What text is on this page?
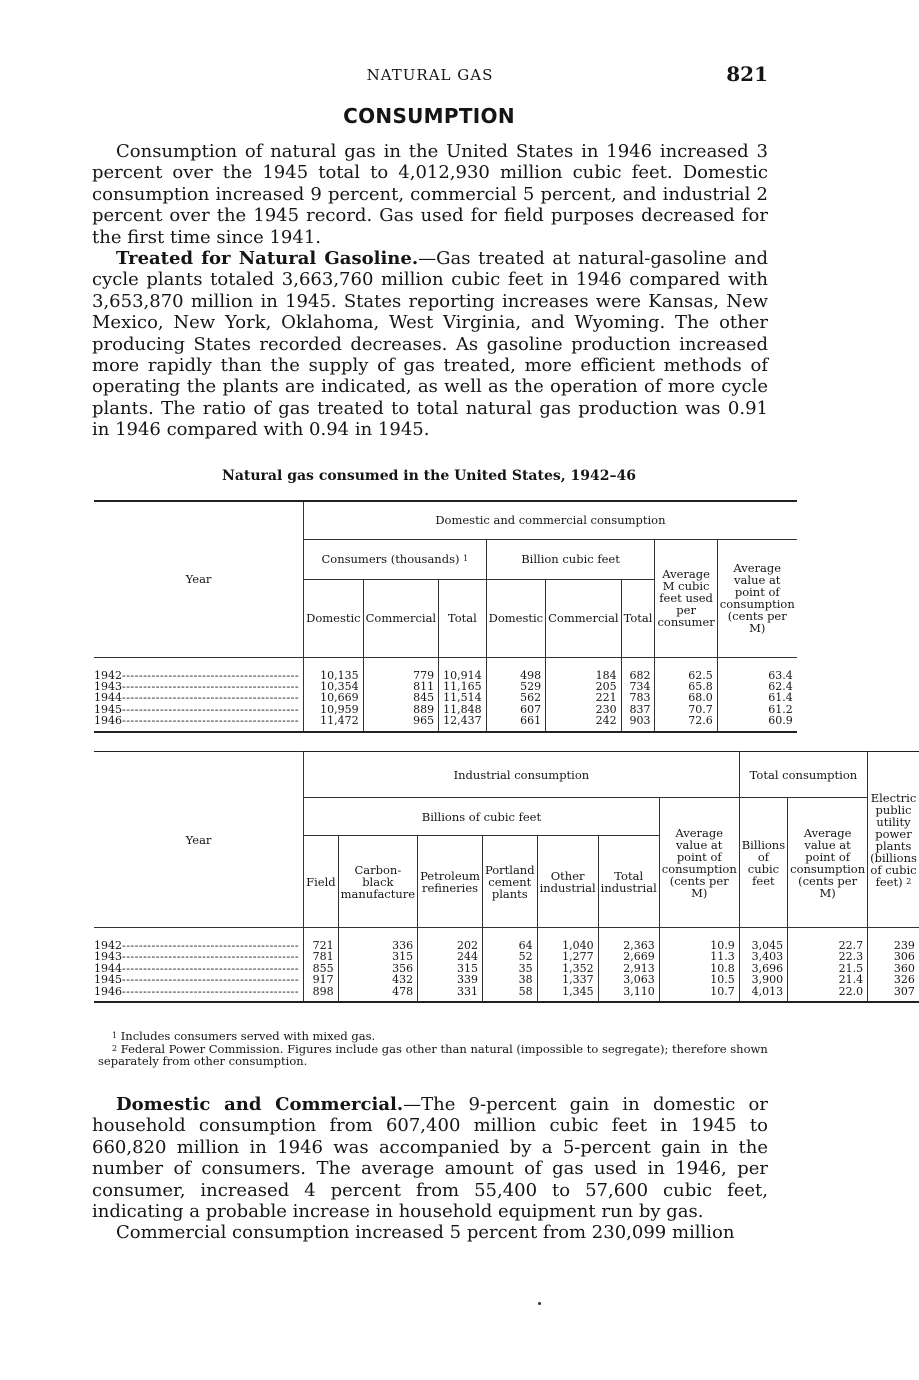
NATURAL GAS	821
CONSUMPTION

Consumption of natural gas in the United States in 1946 increased 3 percent over the 1945 total to 4,012,930 million cubic feet. Domestic consumption increased 9 percent, commercial 5 percent, and industrial 2 percent over the 1945 record. Gas used for field purposes decreased for the first time since 1941.

Treated for Natural Gasoline.—Gas treated at natural-gasoline and cycle plants totaled 3,663,760 million cubic feet in 1946 compared with 3,653,870 million in 1945. States reporting increases were Kansas, New Mexico, New York, Oklahoma, West Virginia, and Wyoming. The other producing States recorded decreases. As gasoline production increased more rapidly than the supply of gas treated, more efficient methods of operating the plants are indicated, as well as the operation of more cycle plants. The ratio of gas treated to total natural gas production was 0.91 in 1946 compared with 0.94 in 1945.

Natural gas consumed in the United States, 1942–46
Year	Domestic and commercial consumption							
	Consumers (thousands) $^1$			Billion cubic feet			Average M cubic feet used per consumer	Average value at point of consumption (cents per M)
	Domestic	Commercial	Total	Domestic	Commercial	Total		

1942 -----	10,135	779	10,914	498	184	682	62.5	63.4

1943 -----	10,354	811	11,165	529	205	734	65.8	62.4

1944 -----	10,669	845	11,514	562	221	783	68.0	61.4

1945 -----	10,959	889	11,848	607	230	837	70.7	61.2

1946 -----	11,472	965	12,437	661	242	903	72.6	60.9
Year	Industrial consumption							Total consumption		Electric public utility power plants (billions of cubic feet) $^2$
	Billions of cubic feet						Average value at point of consumption (cents per M)	Billions of cubic feet	Average value at point of consumption (cents per M)	
	Field	Carbon-black manufacture	Petroleum refineries	Portland cement plants	Other industrial	Total industrial				

1942 -----	721	336	202	64	1,040	2,363	10.9	3,045	22.7	239

1943 -----	781	315	244	52	1,277	2,669	11.3	3,403	22.3	306

1944 -----	855	356	315	35	1,352	2,913	10.8	3,696	21.5	360

1945 -----	917	432	339	38	1,337	3,063	10.5	3,900	21.4	326

1946 -----	898	478	331	58	1,345	3,110	10.7	4,013	22.0	307

$^1$ Includes consumers served with mixed gas.

$^2$ Federal Power Commission. Figures include gas other than natural (impossible to segregate); therefore shown separately from other consumption.

Domestic and Commercial.—The 9-percent gain in domestic or household consumption from 607,400 million cubic feet in 1945 to 660,820 million in 1946 was accompanied by a 5-percent gain in the number of consumers. The average amount of gas used in 1946, per consumer, increased 4 percent from 55,400 to 57,600 cubic feet, indicating a probable increase in household equipment run by gas.

Commercial consumption increased 5 percent from 230,099 million
